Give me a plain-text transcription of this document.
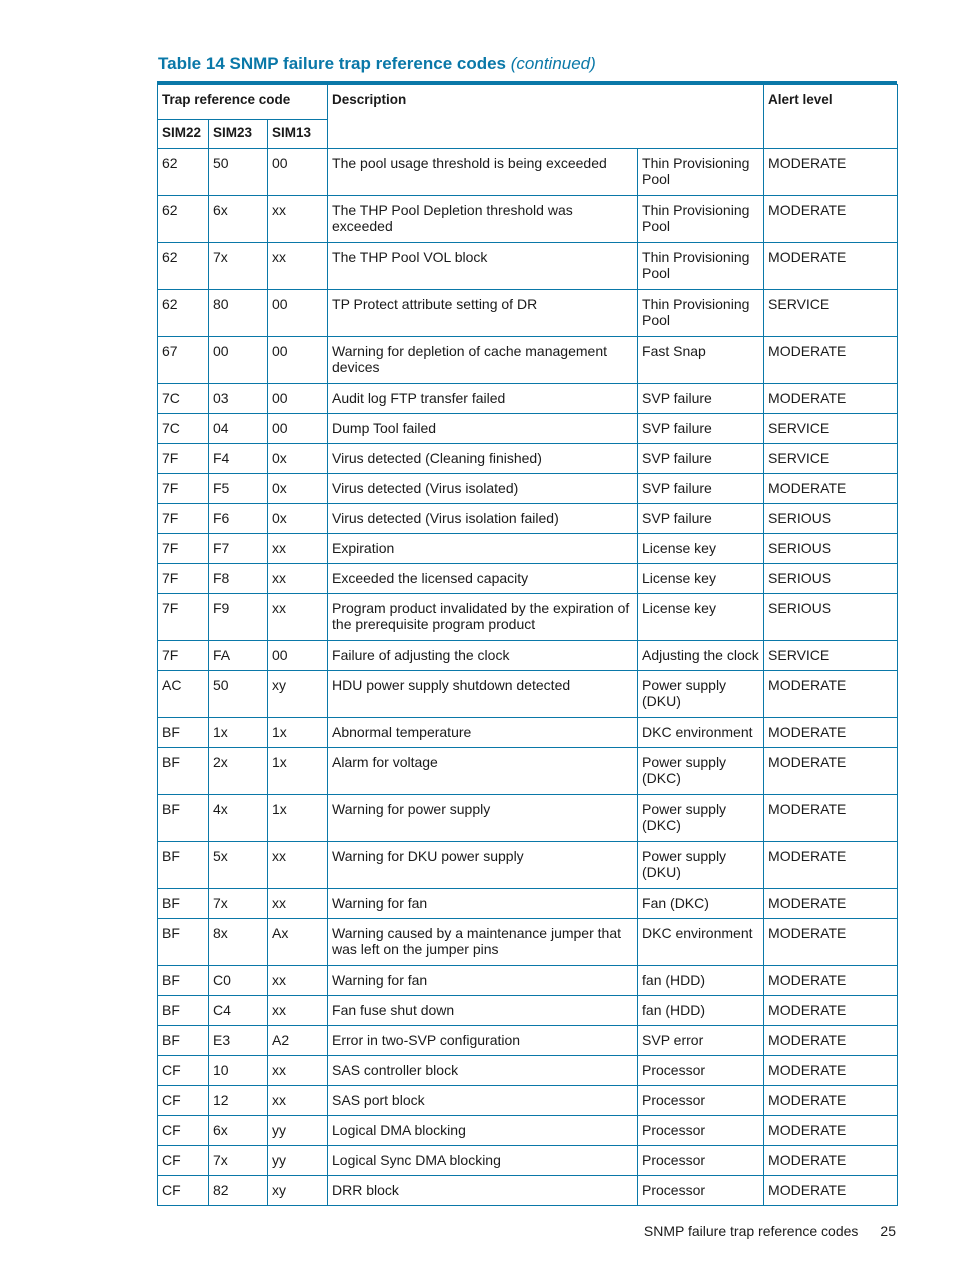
Table 14 SNMP failure trap reference codes (continued)
Trap reference code			Description		Alert level
SIM22	SIM23	SIM13			
62	50	00	The pool usage threshold is being exceeded	Thin Provisioning Pool	MODERATE
62	6x	xx	The THP Pool Depletion threshold was exceeded	Thin Provisioning Pool	MODERATE
62	7x	xx	The THP Pool VOL block	Thin Provisioning Pool	MODERATE
62	80	00	TP Protect attribute setting of DR	Thin Provisioning Pool	SERVICE
67	00	00	Warning for depletion of cache management devices	Fast Snap	MODERATE
7C	03	00	Audit log FTP transfer failed	SVP failure	MODERATE
7C	04	00	Dump Tool failed	SVP failure	SERVICE
7F	F4	0x	Virus detected (Cleaning finished)	SVP failure	SERVICE
7F	F5	0x	Virus detected (Virus isolated)	SVP failure	MODERATE
7F	F6	0x	Virus detected (Virus isolation failed)	SVP failure	SERIOUS
7F	F7	xx	Expiration	License key	SERIOUS
7F	F8	xx	Exceeded the licensed capacity	License key	SERIOUS
7F	F9	xx	Program product invalidated by the expiration of the prerequisite program product	License key	SERIOUS
7F	FA	00	Failure of adjusting the clock	Adjusting the clock	SERVICE
AC	50	xy	HDU power supply shutdown detected	Power supply (DKU)	MODERATE
BF	1x	1x	Abnormal temperature	DKC environment	MODERATE
BF	2x	1x	Alarm for voltage	Power supply (DKC)	MODERATE
BF	4x	1x	Warning for power supply	Power supply (DKC)	MODERATE
BF	5x	xx	Warning for DKU power supply	Power supply (DKU)	MODERATE
BF	7x	xx	Warning for fan	Fan (DKC)	MODERATE
BF	8x	Ax	Warning caused by a maintenance jumper that was left on the jumper pins	DKC environment	MODERATE
BF	C0	xx	Warning for fan	fan (HDD)	MODERATE
BF	C4	xx	Fan fuse shut down	fan (HDD)	MODERATE
BF	E3	A2	Error in two-SVP configuration	SVP error	MODERATE
CF	10	xx	SAS controller block	Processor	MODERATE
CF	12	xx	SAS port block	Processor	MODERATE
CF	6x	yy	Logical DMA blocking	Processor	MODERATE
CF	7x	yy	Logical Sync DMA blocking	Processor	MODERATE
CF	82	xy	DRR block	Processor	MODERATE
SNMP failure trap reference codes 25
